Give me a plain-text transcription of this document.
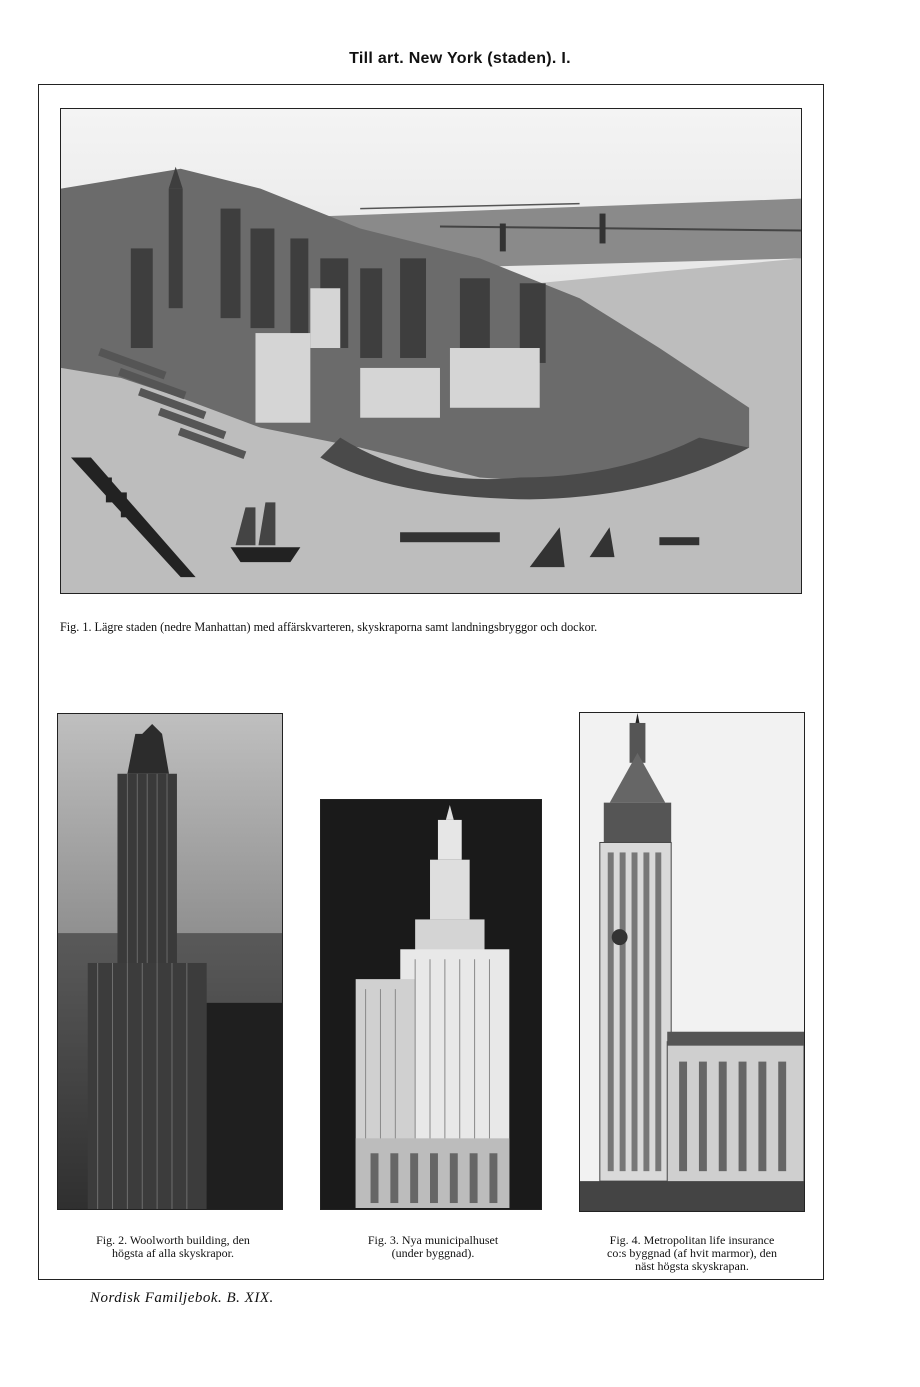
Till art. New York (staden). I.
Fig. 1. Lägre staden (nedre Manhattan) med affärskvarteren, skyskraporna samt landningsbryggor och dockor.
Fig. 2. Woolworth building, den
högsta af alla skyskrapor.
Fig. 3. Nya municipalhuset
(under byggnad).
Fig. 4. Metropolitan life insurance
co:s byggnad (af hvit marmor), den
näst högsta skyskrapan.
Nordisk Familjebok. B. XIX.
